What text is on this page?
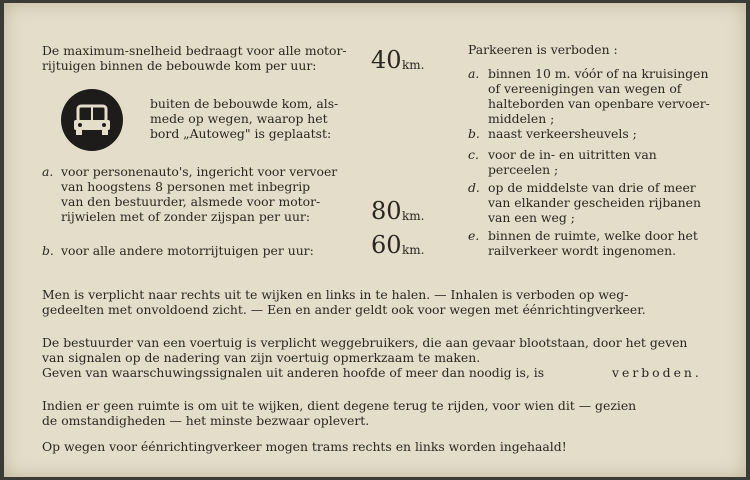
De maximum-snelheid bedraagt voor alle motor-
rijtuigen binnen de bebouwde kom per uur: 40 km.
buiten de bebouwde kom, als-
mede op wegen, waarop het
bord „Autoweg" is geplaatst:
a. voor personenauto's, ingericht voor vervoer
van hoogstens 8 personen met inbegrip
van den bestuurder, alsmede voor motor-
rijwielen met of zonder zijspan per uur:	80 km.
b. voor alle andere motorrijtuigen per uur: 60 km.
Parkeeren is verboden :
a. binnen 10 m. vóór of na kruisingen
of vereenigingen van wegen of
halteborden van openbare vervoer-
middelen ;
b. naast verkeersheuvels ;
c. voor de in- en uitritten van
perceelen ;
d. op de middelste van drie of meer
van elkander gescheiden rijbanen
van een weg ;
e. binnen de ruimte, welke door het
railverkeer wordt ingenomen.
Men is verplicht naar rechts uit te wijken en links in te halen. — Inhalen is verboden op weg-
gedeelten met onvoldoend zicht. — Een en ander geldt ook voor wegen met éénrichtingverkeer.
De bestuurder van een voertuig is verplicht weggebruikers, die aan gevaar blootstaan, door het geven
van signalen op de nadering van zijn voertuig opmerkzaam te maken.
Geven van waarschuwingssignalen uit anderen hoofde of meer dan noodig is, is	verboden.
Indien er geen ruimte is om uit te wijken, dient degene terug te rijden, voor wien dit — gezien
de omstandigheden — het minste bezwaar oplevert.
Op wegen voor éénrichtingverkeer mogen trams rechts en links worden ingehaald!
